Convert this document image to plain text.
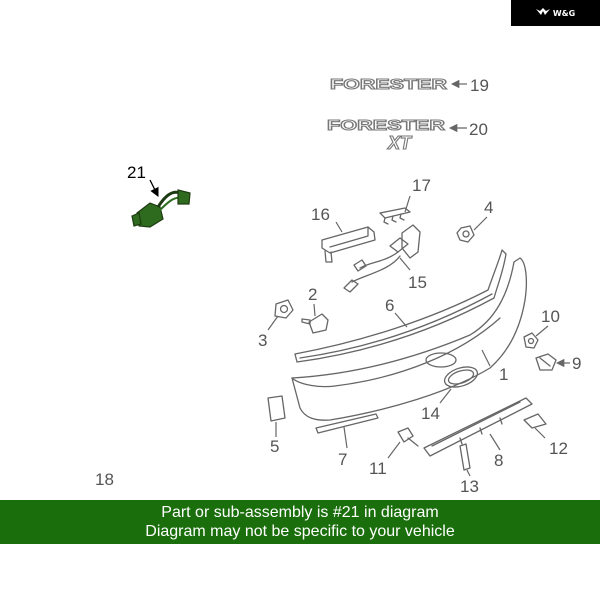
W&G
FORESTER
FORESTER
XT
21
19
20
17
16	4
15
2
6
3
10
9
1
14
5
7 11	8
12
13
18
Part or sub-assembly is #21 in diagram
Diagram may not be specific to your vehicle
